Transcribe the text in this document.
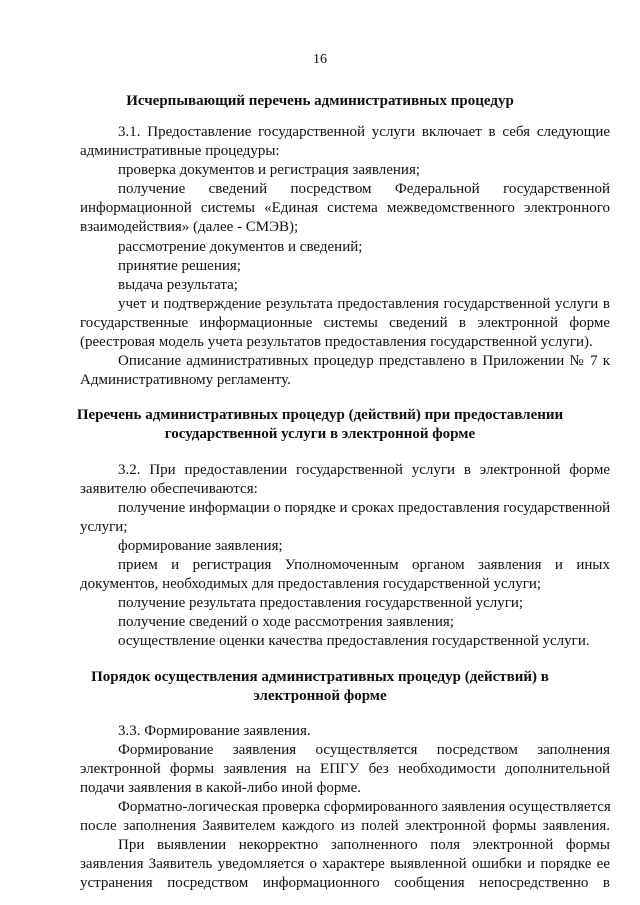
16
Исчерпывающий перечень административных процедур
3.1. Предоставление государственной услуги включает в себя следующие
административные процедуры:
проверка документов и регистрация заявления;
получение сведений посредством Федеральной государственной
информационной системы «Единая система межведомственного электронного
взаимодействия» (далее - СМЭВ);
рассмотрение документов и сведений;
принятие решения;
выдача результата;
учет и подтверждение результата предоставления государственной услуги в
государственные информационные системы сведений в электронной форме
(реестровая модель учета результатов предоставления государственной услуги).
Описание административных процедур представлено в Приложении № 7 к
Административному регламенту.
Перечень административных процедур (действий) при предоставлении
государственной услуги в электронной форме
3.2. При предоставлении государственной услуги в электронной форме
заявителю обеспечиваются:
получение информации о порядке и сроках предоставления государственной
услуги;
формирование заявления;
прием и регистрация Уполномоченным органом заявления и иных
документов, необходимых для предоставления государственной услуги;
получение результата предоставления государственной услуги;
получение сведений о ходе рассмотрения заявления;
осуществление оценки качества предоставления государственной услуги.
Порядок осуществления административных процедур (действий) в
электронной форме
3.3. Формирование заявления.
Формирование заявления осуществляется посредством заполнения
электронной формы заявления на ЕПГУ без необходимости дополнительной
подачи заявления в какой-либо иной форме.
Форматно-логическая проверка сформированного заявления осуществляется
после заполнения Заявителем каждого из полей электронной формы заявления.
При выявлении некорректно заполненного поля электронной формы
заявления Заявитель уведомляется о характере выявленной ошибки и порядке ее
устранения посредством информационного сообщения непосредственно в
